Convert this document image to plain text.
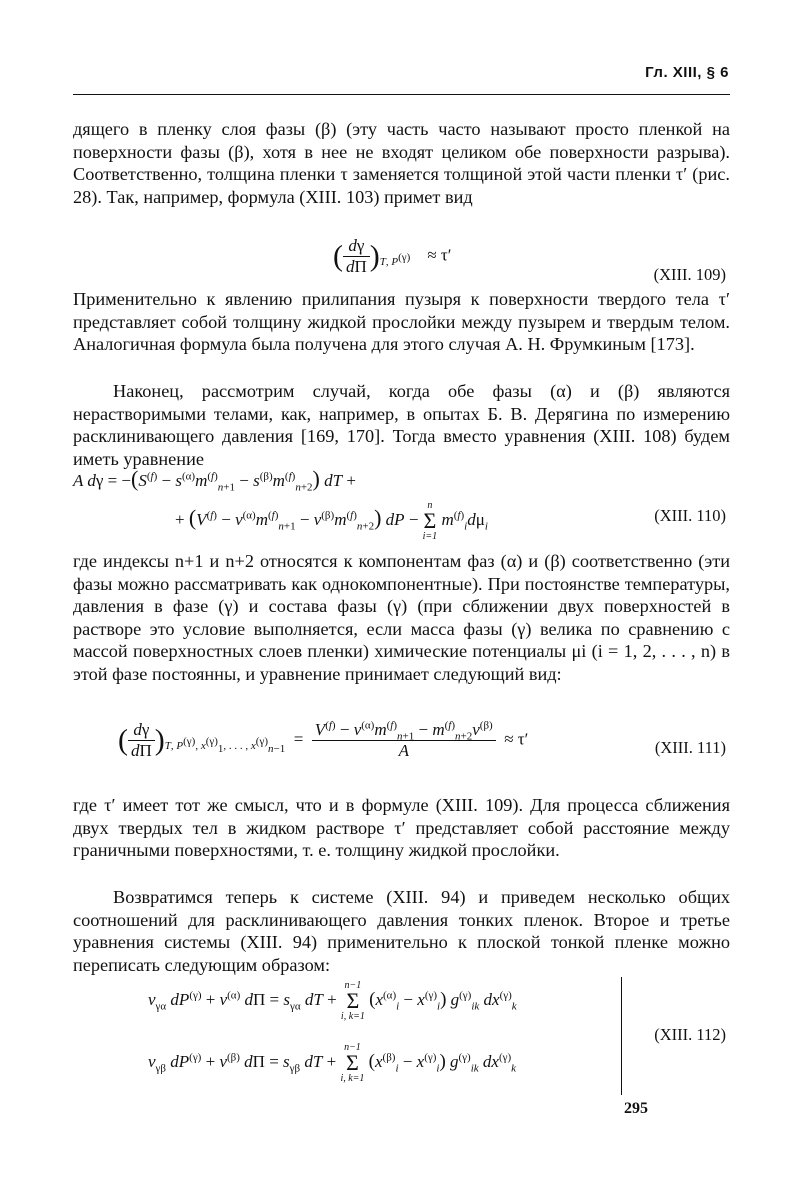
Гл. XIII, § 6

дящего в пленку слоя фазы (β) (эту часть часто называют просто пленкой на поверхности фазы (β), хотя в нее не входят целиком обе поверхности разрыва). Соответственно, толщина пленки τ заменяется толщиной этой части пленки τ′ (рис. 28). Так, например, формула (XIII. 103) примет вид

( $\frac{d\gamma}{d\Pi} )_{T, P^{(\gamma)}} \approx \tau'$
(XIII. 109)

Применительно к явлению прилипания пузыря к поверхности твердого тела τ′ представляет собой толщину жидкой прослойки между пузырем и твердым телом. Аналогичная формула была получена для этого случая А. Н. Фрумкиным [173].

Наконец, рассмотрим случай, когда обе фазы (α) и (β) являются нерастворимыми телами, как, например, в опытах Б. В. Дерягина по измерению расклинивающего давления [169, 170]. Тогда вместо уравнения (XIII. 108) будем иметь уравнение

A $d\gamma = -(S^{(f)} - s^{(\alpha)}m^{(f)}_{n+1} - s^{(\beta)}m^{(f)}_{n+2})$ dT +
+ $(V^{(f)} - v^{(\alpha)}m^{(f)}_{n+1} - v^{(\beta)}m^{(f)}_{n+2})$ dP −
n
Σ
i=1
$m^{(f)}_id\mu_i$
(XIII. 110)

где индексы n+1 и n+2 относятся к компонентам фаз (α) и (β) соответственно (эти фазы можно рассматривать как однокомпонентные). При постоянстве температуры, давления в фазе (γ) и состава фазы (γ) (при сближении двух поверхностей в растворе это условие выполняется, если масса фазы (γ) велика по сравнению с массой поверхностных слоев пленки) химические потенциалы μi (i = 1, 2, . . . , n) в этой фазе постоянны, и уравнение принимает следующий вид:

( $\frac{d\gamma}{d\Pi} )_{T, P^{(\gamma)}, x^{(\gamma)}_1, . . . , x^{(\gamma)}_{n-1}} = \frac{V^{(f)} - v^{(\alpha)}m^{(f)}_{n+1} - m^{(f)}_{n+2}v^{(\beta)}}{A} \approx \tau'$	(XIII. 111)

где τ′ имеет тот же смысл, что и в формуле (XIII. 109). Для процесса сближения двух твердых тел в жидком растворе τ′ представляет собой расстояние между граничными поверхностями, т. е. толщину жидкой прослойки.

Возвратимся теперь к системе (XIII. 94) и приведем несколько общих соотношений для расклинивающего давления тонких пленок. Второе и третье уравнения системы (XIII. 94) применительно к плоской тонкой пленке можно переписать следующим образом:

$v_{\gamma\alpha}$ $dP^{(\gamma)} + v^{(\alpha)}$ $d\Pi = s_{\gamma\alpha}$ dT +
n−1
Σ
i, k=1
$(x^{(\alpha)}_i - x^{(\gamma)}_i)$ $g^{(\gamma)}_{ik}$ $dx^{(\gamma)}_k$
$v_{\gamma\beta}$ $dP^{(\gamma)} + v^{(\beta)}$ $d\Pi = s_{\gamma\beta}$ dT +
n−1
Σ
i, k=1
$(x^{(\beta)}_i - x^{(\gamma)}_i)$ $g^{(\gamma)}_{ik}$ $dx^{(\gamma)}_k$
(XIII. 112)
295
